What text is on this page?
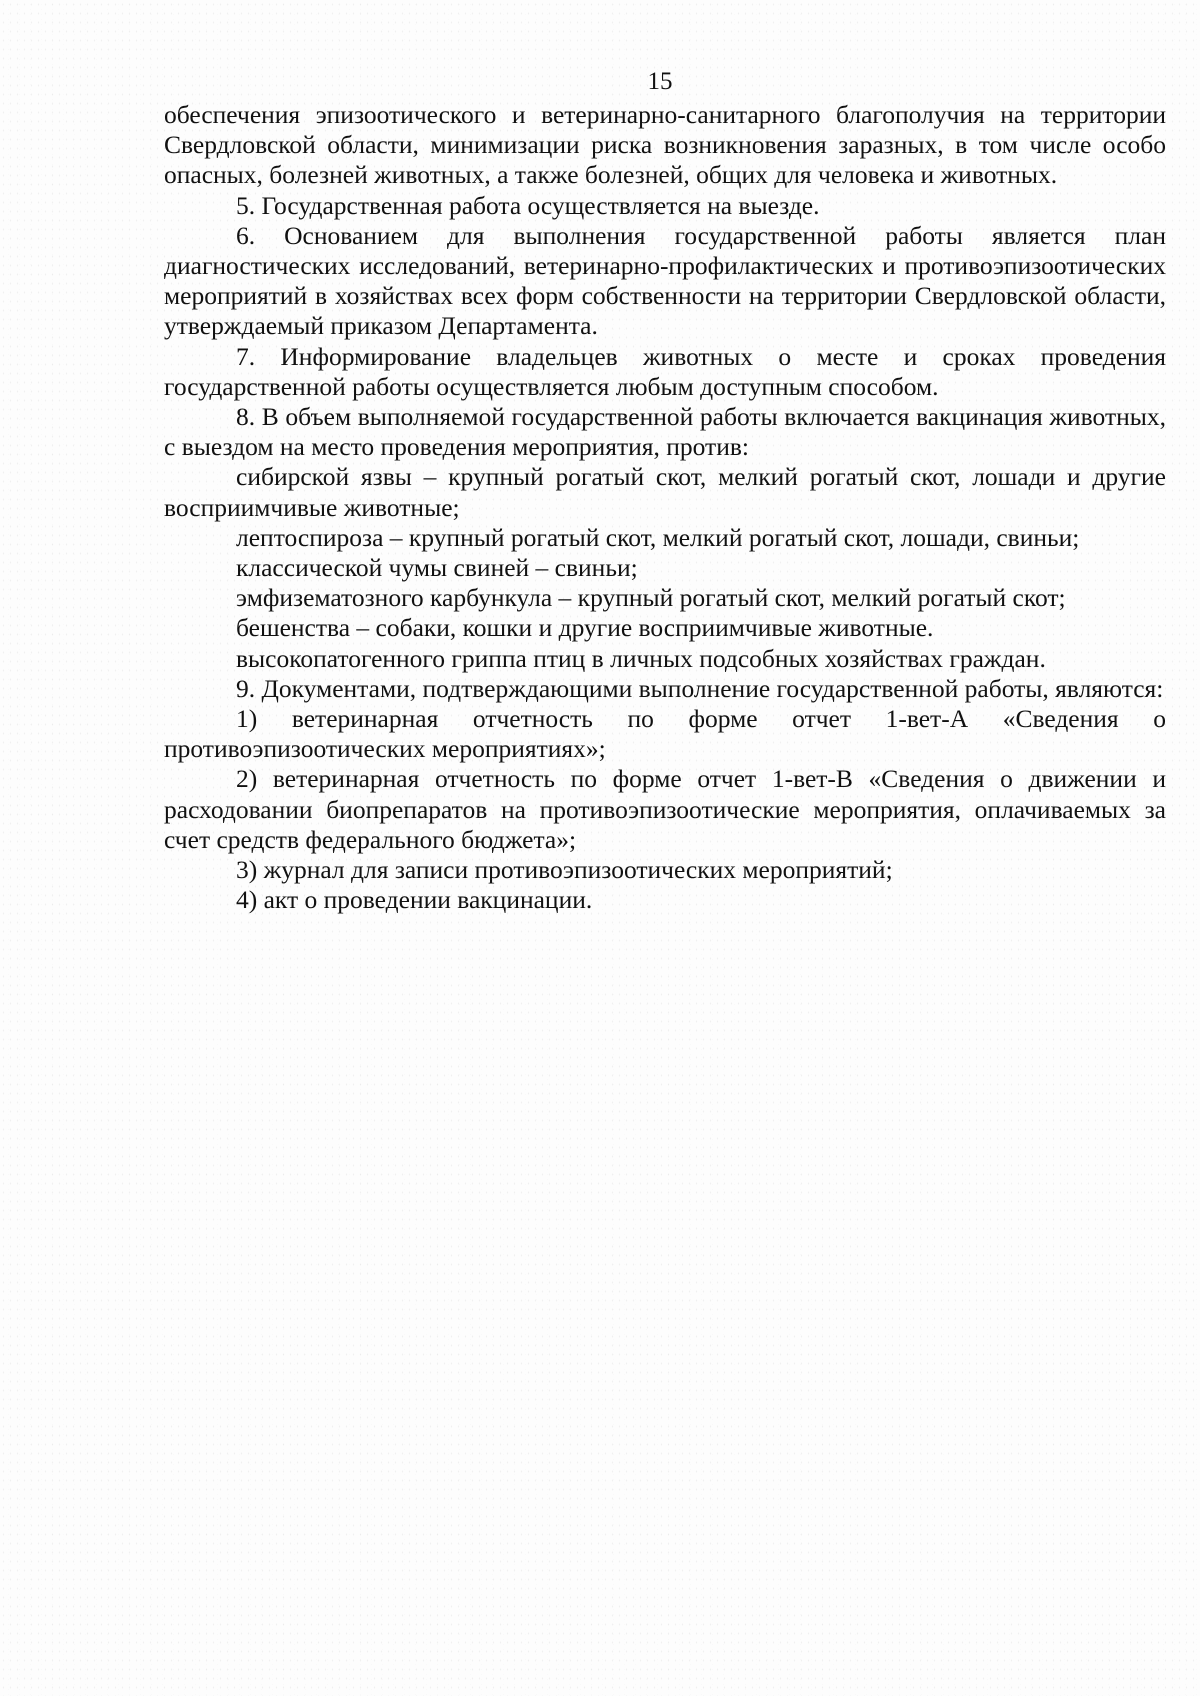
15

обеспечения эпизоотического и ветеринарно-санитарного благополучия на территории Свердловской области, минимизации риска возникновения заразных, в том числе особо опасных, болезней животных, а также болезней, общих для человека и животных.

5. Государственная работа осуществляется на выезде.

6. Основанием для выполнения государственной работы является план диагностических исследований, ветеринарно-профилактических и противоэпизоотических мероприятий в хозяйствах всех форм собственности на территории Свердловской области, утверждаемый приказом Департамента.

7. Информирование владельцев животных о месте и сроках проведения государственной работы осуществляется любым доступным способом.

8. В объем выполняемой государственной работы включается вакцинация животных, с выездом на место проведения мероприятия, против:

сибирской язвы – крупный рогатый скот, мелкий рогатый скот, лошади и другие восприимчивые животные;

лептоспироза – крупный рогатый скот, мелкий рогатый скот, лошади, свиньи;

классической чумы свиней – свиньи;

эмфизематозного карбункула – крупный рогатый скот, мелкий рогатый скот;

бешенства – собаки, кошки и другие восприимчивые животные.

высокопатогенного гриппа птиц в личных подсобных хозяйствах граждан.

9. Документами, подтверждающими выполнение государственной работы, являются:

1) ветеринарная отчетность по форме отчет 1-вет-А «Сведения о противоэпизоотических мероприятиях»;

2) ветеринарная отчетность по форме отчет 1-вет-В «Сведения о движении и расходовании биопрепаратов на противоэпизоотические мероприятия, оплачиваемых за счет средств федерального бюджета»;

3) журнал для записи противоэпизоотических мероприятий;

4) акт о проведении вакцинации.
